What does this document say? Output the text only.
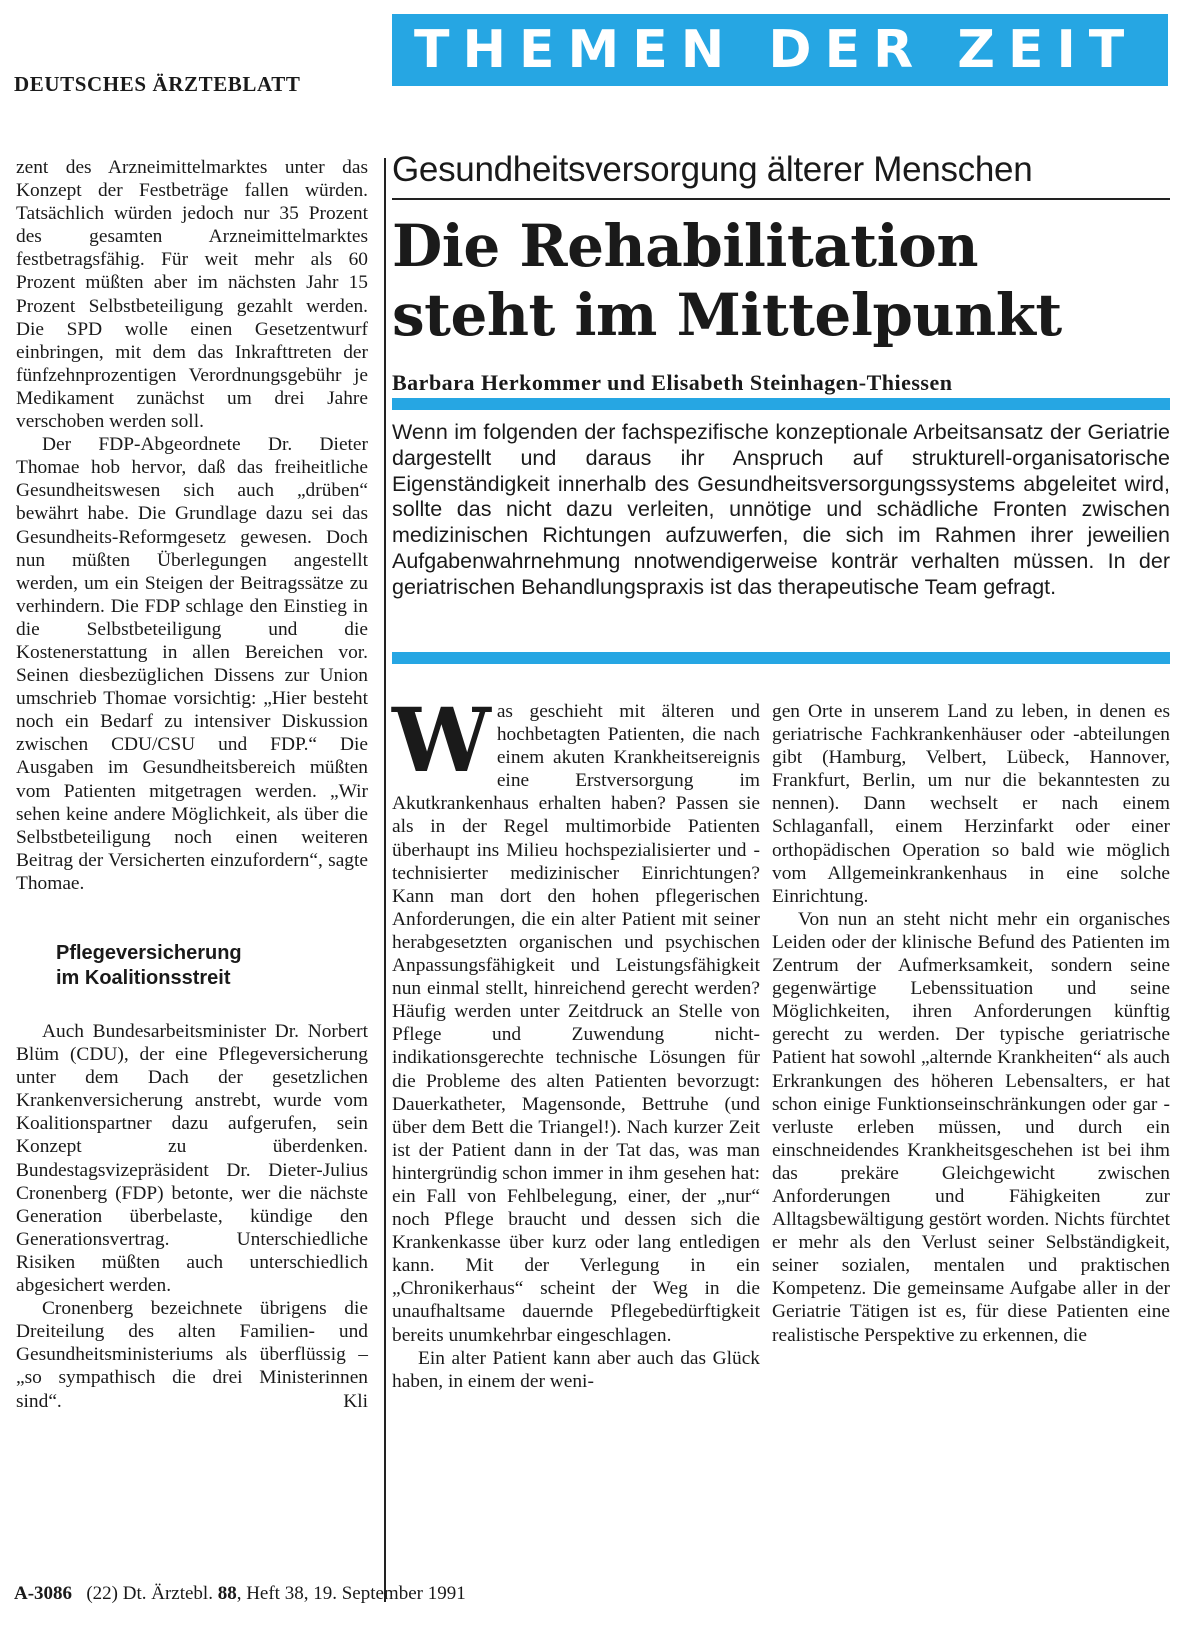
DEUTSCHES ÄRZTEBLATT
THEMEN DER ZEIT

zent des Arzneimittelmarktes unter das Konzept der Festbeträge fallen würden. Tatsächlich würden jedoch nur 35 Prozent des gesamten Arzneimittelmarktes festbetragsfähig. Für weit mehr als 60 Prozent müßten aber im nächsten Jahr 15 Prozent Selbstbeteiligung gezahlt werden. Die SPD wolle einen Gesetzentwurf einbringen, mit dem das Inkrafttreten der fünfzehnprozentigen Verordnungsgebühr je Medikament zunächst um drei Jahre verschoben werden soll.

Der FDP-Abgeordnete Dr. Dieter Thomae hob hervor, daß das freiheitliche Gesundheitswesen sich auch „drüben“ bewährt habe. Die Grundlage dazu sei das Gesundheits-Reformgesetz gewesen. Doch nun müßten Überlegungen angestellt werden, um ein Steigen der Beitragssätze zu verhindern. Die FDP schlage den Einstieg in die Selbstbeteiligung und die Kostenerstattung in allen Bereichen vor. Seinen diesbezüglichen Dissens zur Union umschrieb Thomae vorsichtig: „Hier besteht noch ein Bedarf zu intensiver Diskussion zwischen CDU/CSU und FDP.“ Die Ausgaben im Gesundheitsbereich müßten vom Patienten mitgetragen werden. „Wir sehen keine andere Möglichkeit, als über die Selbstbeteiligung noch einen weiteren Beitrag der Versicherten einzufordern“, sagte Thomae.

Pflegeversicherung
im Koalitionsstreit

Auch Bundesarbeitsminister Dr. Norbert Blüm (CDU), der eine Pflegeversicherung unter dem Dach der gesetzlichen Krankenversicherung anstrebt, wurde vom Koalitionspartner dazu aufgerufen, sein Konzept zu überdenken. Bundestagsvizepräsident Dr. Dieter-Julius Cronenberg (FDP) betonte, wer die nächste Generation überbelaste, kündige den Generationsvertrag. Unterschiedliche Risiken müßten auch unterschiedlich abgesichert werden.

Cronenberg bezeichnete übrigens die Dreiteilung des alten Familien- und Gesundheitsministeriums als überflüssig – „so sympathisch die drei Ministerinnen sind“.	Kli

Gesundheitsversorgung älterer Menschen
Die Rehabilitation
steht im Mittelpunkt
Barbara Herkommer und Elisabeth Steinhagen-Thiessen
Wenn im folgenden der fachspezifische konzeptionale Arbeitsansatz der Geriatrie dargestellt und daraus ihr Anspruch auf strukturell-organisatorische Eigenständigkeit innerhalb des Gesundheitsversorgungssystems abgeleitet wird, sollte das nicht dazu verleiten, unnötige und schädliche Fronten zwischen medizinischen Richtungen aufzuwerfen, die sich im Rahmen ihrer jeweilien Aufgabenwahrnehmung nnotwendigerweise konträr verhalten müssen. In der geriatrischen Behandlungspraxis ist das therapeutische Team gefragt.

Was geschieht mit älteren und hochbetagten Patienten, die nach einem akuten Krankheitsereignis eine Erstversorgung im Akutkrankenhaus erhalten haben? Passen sie als in der Regel multimorbide Patienten überhaupt ins Milieu hochspezialisierter und -technisierter medizinischer Einrichtungen? Kann man dort den hohen pflegerischen Anforderungen, die ein alter Patient mit seiner herabgesetzten organischen und psychischen Anpassungsfähigkeit und Leistungsfähigkeit nun einmal stellt, hinreichend gerecht werden? Häufig werden unter Zeitdruck an Stelle von Pflege und Zuwendung nicht-indikationsgerechte technische Lösungen für die Probleme des alten Patienten bevorzugt: Dauerkatheter, Magensonde, Bettruhe (und über dem Bett die Triangel!). Nach kurzer Zeit ist der Patient dann in der Tat das, was man hintergründig schon immer in ihm gesehen hat: ein Fall von Fehlbelegung, einer, der „nur“ noch Pflege braucht und dessen sich die Krankenkasse über kurz oder lang entledigen kann. Mit der Verlegung in ein „Chronikerhaus“ scheint der Weg in die unaufhaltsame dauernde Pflegebedürftigkeit bereits unumkehrbar eingeschlagen.

Ein alter Patient kann aber auch das Glück haben, in einem der weni-

gen Orte in unserem Land zu leben, in denen es geriatrische Fachkrankenhäuser oder -abteilungen gibt (Hamburg, Velbert, Lübeck, Hannover, Frankfurt, Berlin, um nur die bekanntesten zu nennen). Dann wechselt er nach einem Schlaganfall, einem Herzinfarkt oder einer orthopädischen Operation so bald wie möglich vom Allgemeinkrankenhaus in eine solche Einrichtung.

Von nun an steht nicht mehr ein organisches Leiden oder der klinische Befund des Patienten im Zentrum der Aufmerksamkeit, sondern seine gegenwärtige Lebenssituation und seine Möglichkeiten, ihren Anforderungen künftig gerecht zu werden. Der typische geriatrische Patient hat sowohl „alternde Krankheiten“ als auch Erkrankungen des höheren Lebensalters, er hat schon einige Funktionseinschränkungen oder gar -verluste erleben müssen, und durch ein einschneidendes Krankheitsgeschehen ist bei ihm das prekäre Gleichgewicht zwischen Anforderungen und Fähigkeiten zur Alltagsbewältigung gestört worden. Nichts fürchtet er mehr als den Verlust seiner Selbständigkeit, seiner sozialen, mentalen und praktischen Kompetenz. Die gemeinsame Aufgabe aller in der Geriatrie Tätigen ist es, für diese Patienten eine realistische Perspektive zu erkennen, die

A-3086 (22) Dt. Ärztebl. 88, Heft 38, 19. September 1991
